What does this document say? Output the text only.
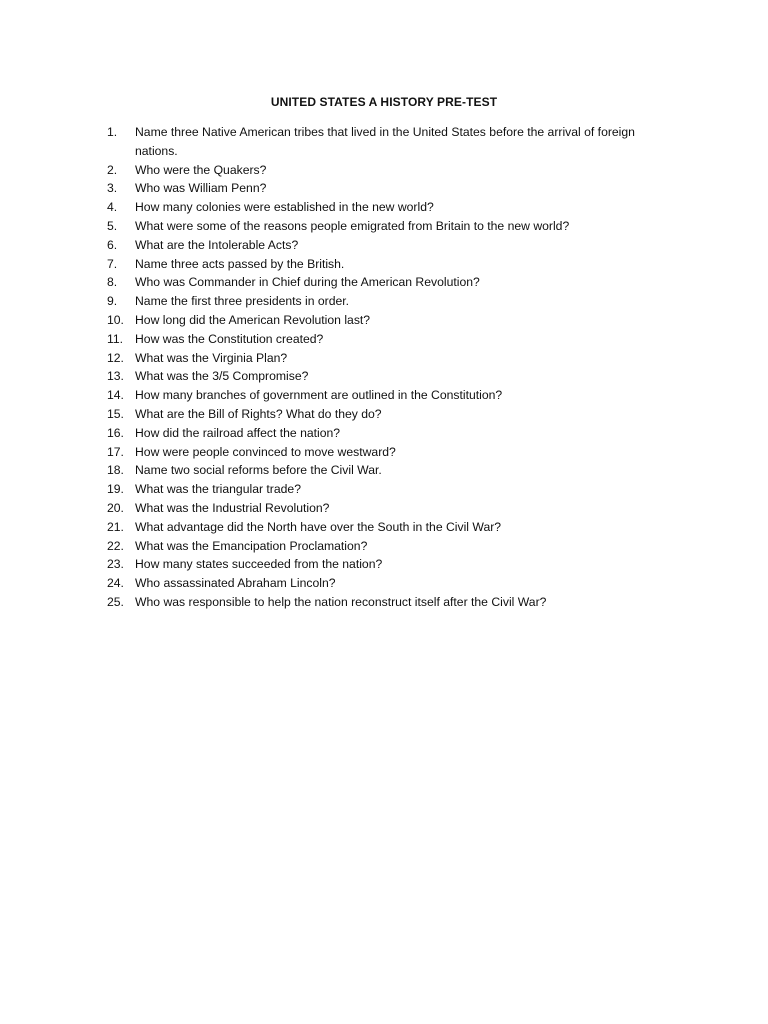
UNITED STATES A HISTORY PRE-TEST
1.	Name three Native American tribes that lived in the United States before the arrival of foreign nations.
2.	Who were the Quakers?
3.	Who was William Penn?
4.	How many colonies were established in the new world?
5.	What were some of the reasons people emigrated from Britain to the new world?
6.	What are the Intolerable Acts?
7.	Name three acts passed by the British.
8.	Who was Commander in Chief during the American Revolution?
9.	Name the first three presidents in order.
10. How long did the American Revolution last?
11. How was the Constitution created?
12. What was the Virginia Plan?
13. What was the 3/5 Compromise?
14. How many branches of government are outlined in the Constitution?
15. What are the Bill of Rights? What do they do?
16. How did the railroad affect the nation?
17. How were people convinced to move westward?
18. Name two social reforms before the Civil War.
19. What was the triangular trade?
20. What was the Industrial Revolution?
21. What advantage did the North have over the South in the Civil War?
22. What was the Emancipation Proclamation?
23. How many states succeeded from the nation?
24. Who assassinated Abraham Lincoln?
25. Who was responsible to help the nation reconstruct itself after the Civil War?
